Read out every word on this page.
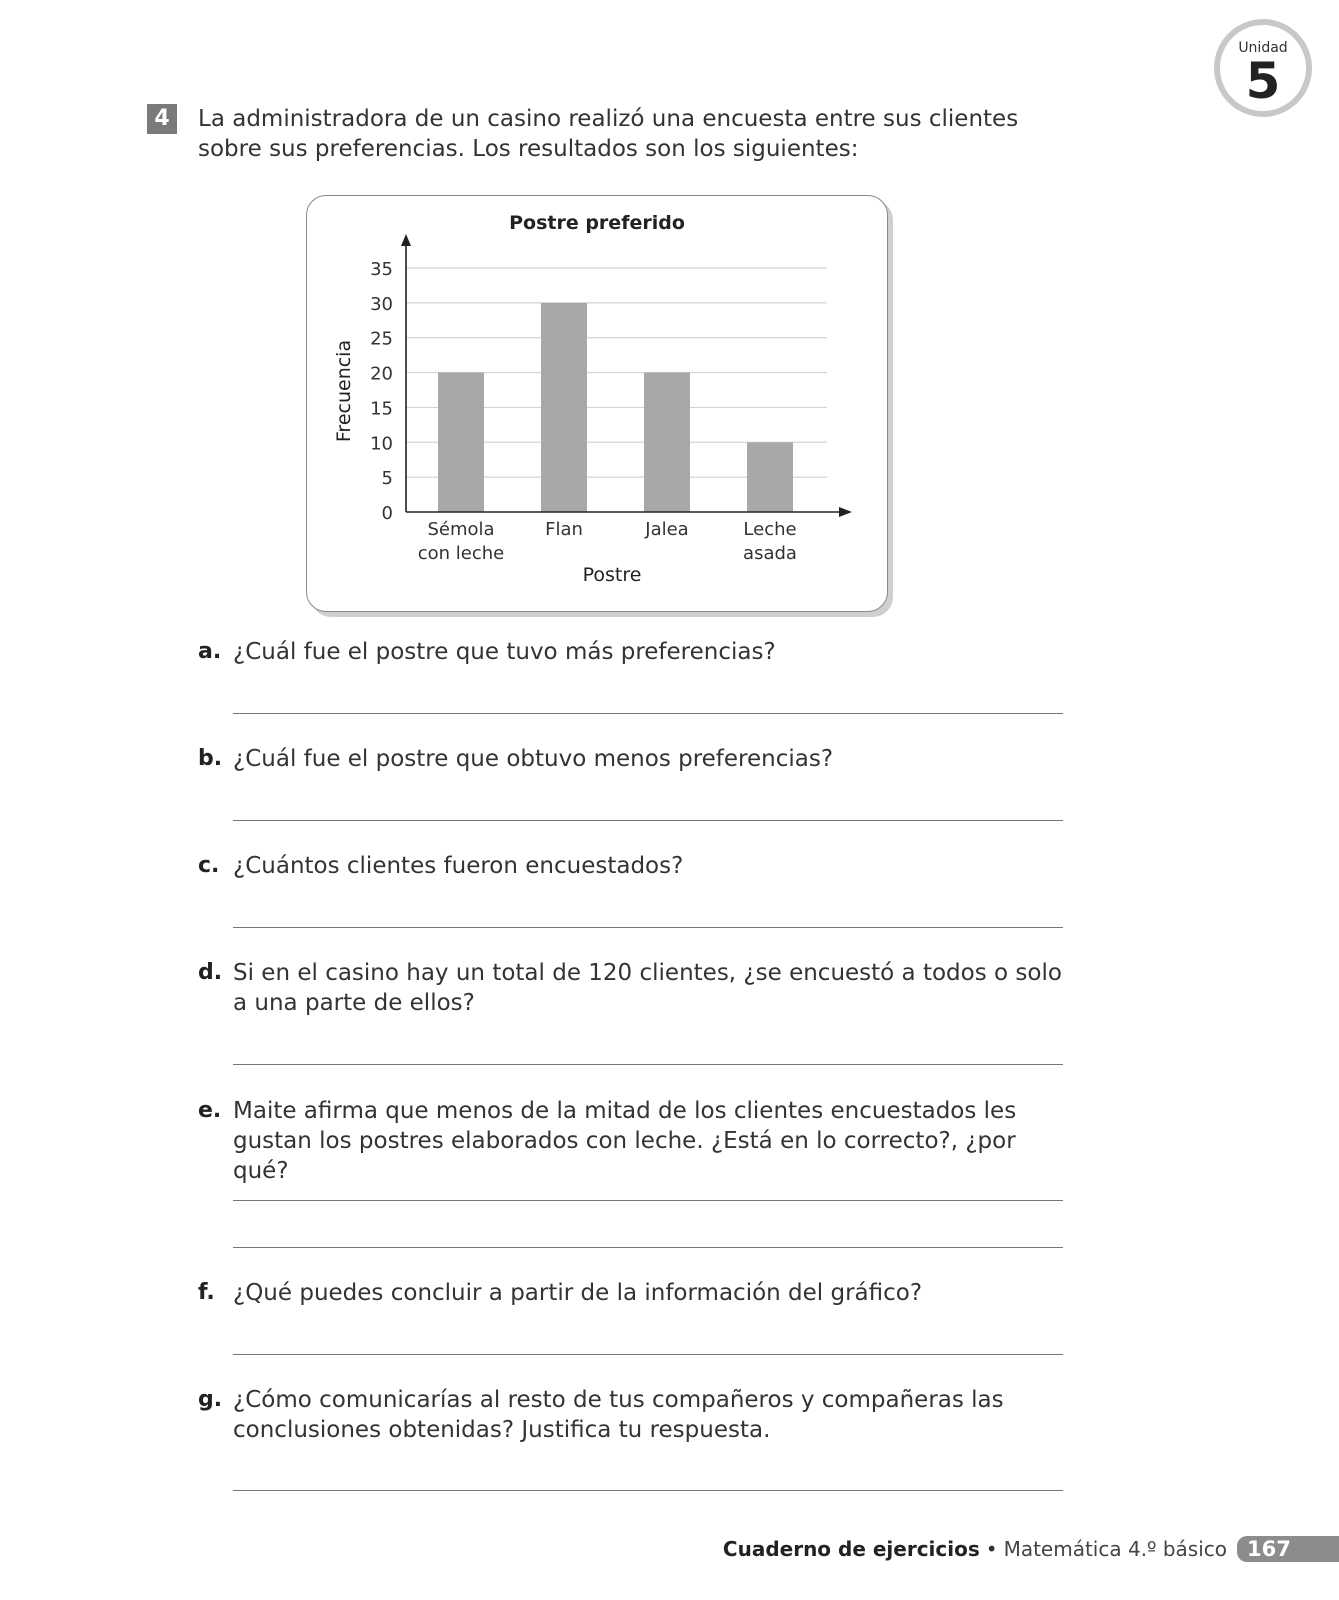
Unidad
5
4	La administradora de un casino realizó una encuesta entre sus clientes sobre sus preferencias. Los resultados son los siguientes:
Postre preferido
0
5
10
15
20
25
30
35
Sémola con leche
Flan	Jalea	Leche asada
Postre
Frecuencia
a. ¿Cuál fue el postre que tuvo más preferencias?
b. ¿Cuál fue el postre que obtuvo menos preferencias?
c. ¿Cuántos clientes fueron encuestados?
d. Si en el casino hay un total de 120 clientes, ¿se encuestó a todos o solo a una parte de ellos?
e. Maite afirma que menos de la mitad de los clientes encuestados les gustan los postres elaborados con leche. ¿Está en lo correcto?, ¿por qué?
f. ¿Qué puedes concluir a partir de la información del gráfico?
g. ¿Cómo comunicarías al resto de tus compañeros y compañeras las conclusiones obtenidas? Justifica tu respuesta.
Cuaderno de ejercicios • Matemática 4.º básico 167
